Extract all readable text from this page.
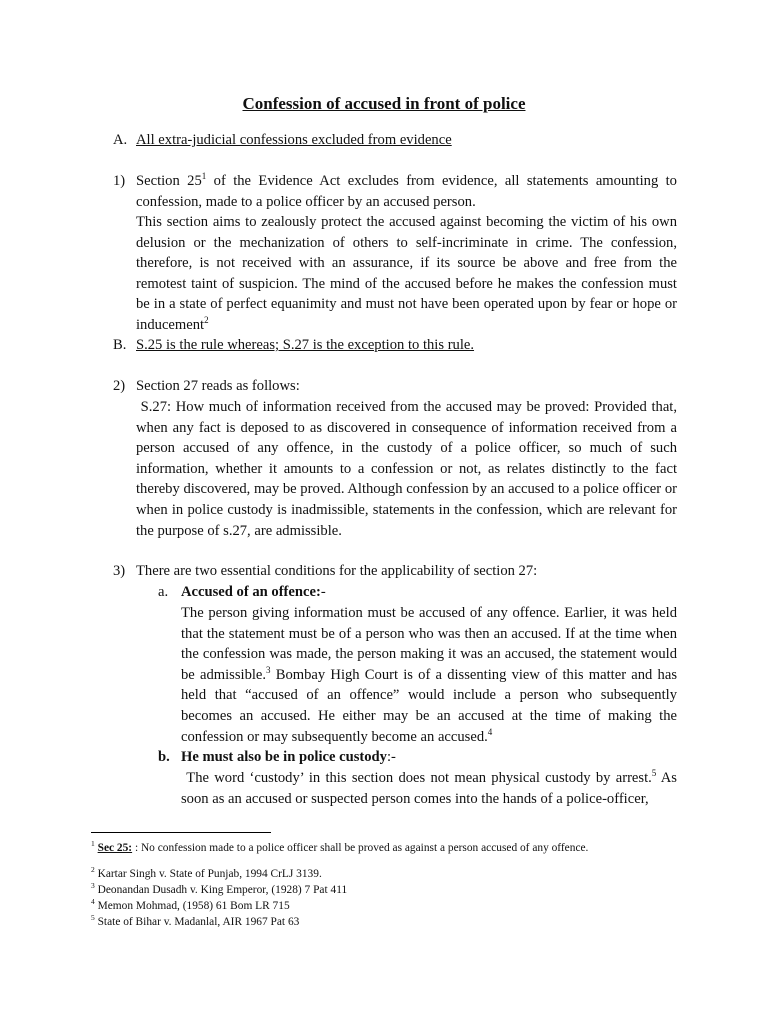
Confession of accused in front of police
A. All extra-judicial confessions excluded from evidence
1) Section $25^1$ of the Evidence Act excludes from evidence, all statements amounting to confession, made to a police officer by an accused person.
This section aims to zealously protect the accused against becoming the victim of his own delusion or the mechanization of others to self-incriminate in crime. The confession, therefore, is not received with an assurance, if its source be above and free from the remotest taint of suspicion. The mind of the accused before he makes the confession must be in a state of perfect equanimity and must not have been operated upon by fear or hope or inducement$^2$
B. S.25 is the rule whereas; S.27 is the exception to this rule.
2) Section 27 reads as follows:
S.27: How much of information received from the accused may be proved: Provided that, when any fact is deposed to as discovered in consequence of information received from a person accused of any offence, in the custody of a police officer, so much of such information, whether it amounts to a confession or not, as relates distinctly to the fact thereby discovered, may be proved. Although confession by an accused to a police officer or when in police custody is inadmissible, statements in the confession, which are relevant for the purpose of s.27, are admissible.
3) There are two essential conditions for the applicability of section 27:
a. Accused of an offence:-
The person giving information must be accused of any offence. Earlier, it was held that the statement must be of a person who was then an accused. If at the time when the confession was made, the person making it was an accused, the statement would be admissible.$^3$ Bombay High Court is of a dissenting view of this matter and has held that “accused of an offence” would include a person who subsequently becomes an accused. He either may be an accused at the time of making the confession or may subsequently become an accused.$^4$
b. He must also be in police custody:-
The word ‘custody’ in this section does not mean physical custody by arrest.$^5$ As soon as an accused or suspected person comes into the hands of a police-officer,
$^1$ Sec 25: : No confession made to a police officer shall be proved as against a person accused of any offence.
$^2$ Kartar Singh v. State of Punjab, 1994 CrLJ 3139.
$^3$ Deonandan Dusadh v. King Emperor, (1928) 7 Pat 411
$^4$ Memon Mohmad, (1958) 61 Bom LR 715
$^5$ State of Bihar v. Madanlal, AIR 1967 Pat 63
